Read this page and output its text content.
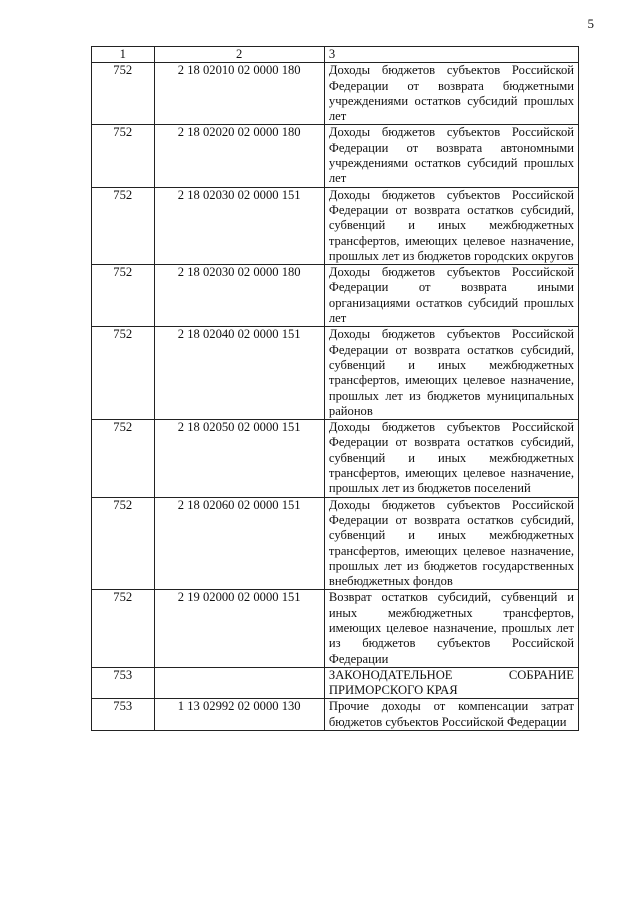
5
1	2	3
752	2 18 02010 02 0000 180	Доходы бюджетов субъектов Российской Федерации от возврата бюджетными учреждениями остатков субсидий прошлых лет
752	2 18 02020 02 0000 180	Доходы бюджетов субъектов Российской Федерации от возврата автономными учреждениями остатков субсидий прошлых лет
752	2 18 02030 02 0000 151	Доходы бюджетов субъектов Российской Федерации от возврата остатков субсидий, субвенций и иных межбюджетных трансфертов, имеющих целевое назначение, прошлых лет из бюджетов городских округов
752	2 18 02030 02 0000 180	Доходы бюджетов субъектов Российской Федерации от возврата иными организациями остатков субсидий прошлых лет
752	2 18 02040 02 0000 151	Доходы бюджетов субъектов Российской Федерации от возврата остатков субсидий, субвенций и иных межбюджетных трансфертов, имеющих целевое назначение, прошлых лет из бюджетов муниципальных районов
752	2 18 02050 02 0000 151	Доходы бюджетов субъектов Российской Федерации от возврата остатков субсидий, субвенций и иных межбюджетных трансфертов, имеющих целевое назначение, прошлых лет из бюджетов поселений
752	2 18 02060 02 0000 151	Доходы бюджетов субъектов Российской Федерации от возврата остатков субсидий, субвенций и иных межбюджетных трансфертов, имеющих целевое назначение, прошлых лет из бюджетов государственных внебюджетных фондов
752	2 19 02000 02 0000 151	Возврат остатков субсидий, субвенций и иных межбюджетных трансфертов, имеющих целевое назначение, прошлых лет из бюджетов субъектов Российской Федерации
753		ЗАКОНОДАТЕЛЬНОЕ СОБРАНИЕ ПРИМОРСКОГО КРАЯ
753	1 13 02992 02 0000 130	Прочие доходы от компенсации затрат бюджетов субъектов Российской Федерации
